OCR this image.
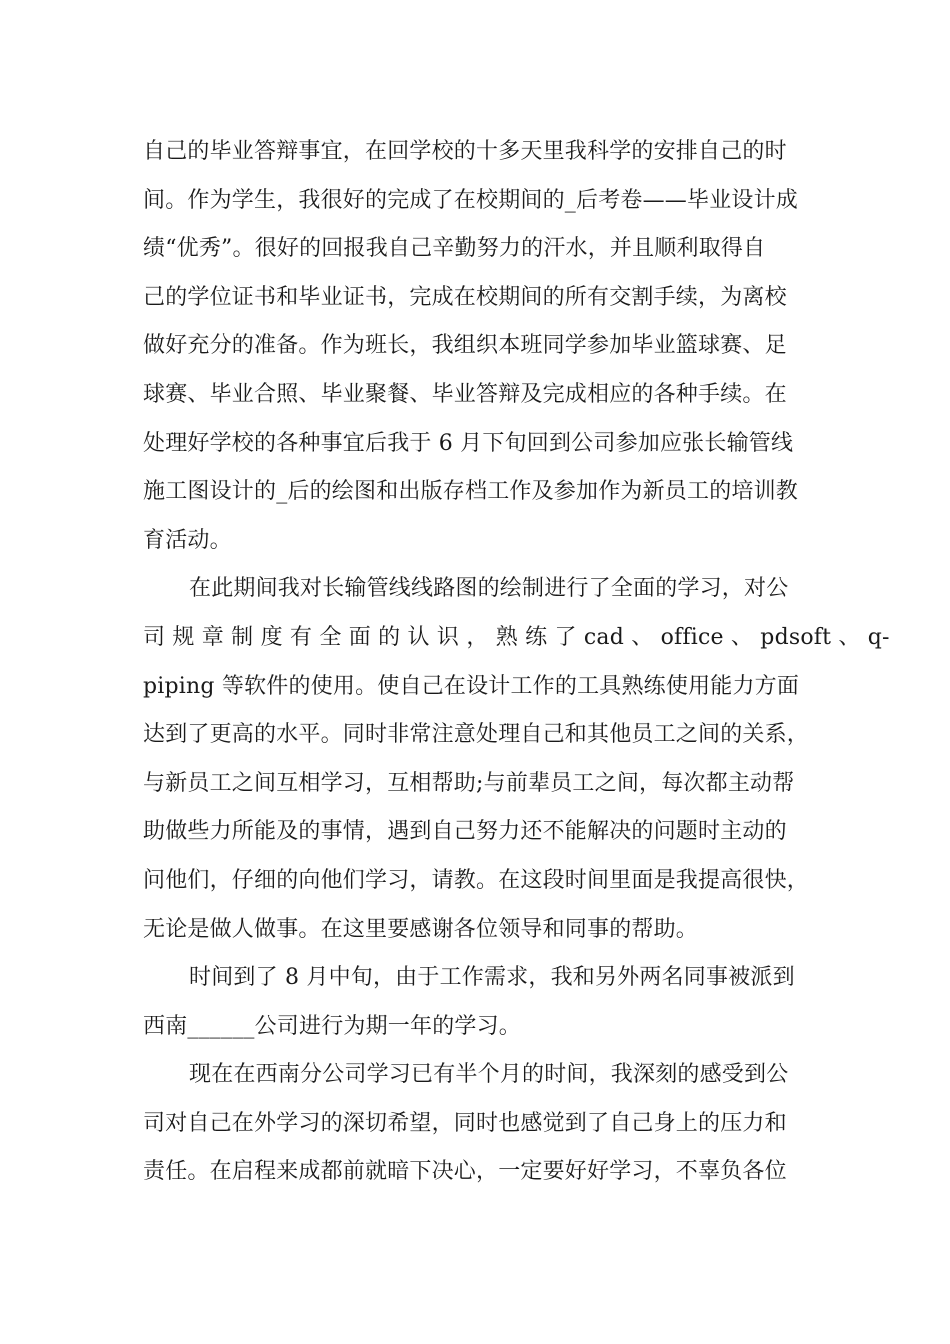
自己的毕业答辩事宜，在回学校的十多天里我科学的安排自己的时
间。作为学生，我很好的完成了在校期间的_后考卷——毕业设计成
绩“优秀”。很好的回报我自己辛勤努力的汗水，并且顺利取得自
己的学位证书和毕业证书，完成在校期间的所有交割手续，为离校
做好充分的准备。作为班长，我组织本班同学参加毕业篮球赛、足
球赛、毕业合照、毕业聚餐、毕业答辩及完成相应的各种手续。在
处理好学校的各种事宜后我于 6 月下旬回到公司参加应张长输管线
施工图设计的_后的绘图和出版存档工作及参加作为新员工的培训教
育活动。
在此期间我对长输管线线路图的绘制进行了全面的学习，对公
司 规 章 制 度 有 全 面 的 认 识 ， 熟 练 了 cad 、 office 、 pdsoft 、 q-
piping 等软件的使用。使自己在设计工作的工具熟练使用能力方面
达到了更高的水平。同时非常注意处理自己和其他员工之间的关系，
与新员工之间互相学习，互相帮助;与前辈员工之间，每次都主动帮
助做些力所能及的事情，遇到自己努力还不能解决的问题时主动的
问他们，仔细的向他们学习，请教。在这段时间里面是我提高很快，
无论是做人做事。在这里要感谢各位领导和同事的帮助。
时间到了 8 月中旬，由于工作需求，我和另外两名同事被派到
西南______公司进行为期一年的学习。
现在在西南分公司学习已有半个月的时间，我深刻的感受到公
司对自己在外学习的深切希望，同时也感觉到了自己身上的压力和
责任。在启程来成都前就暗下决心，一定要好好学习，不辜负各位
